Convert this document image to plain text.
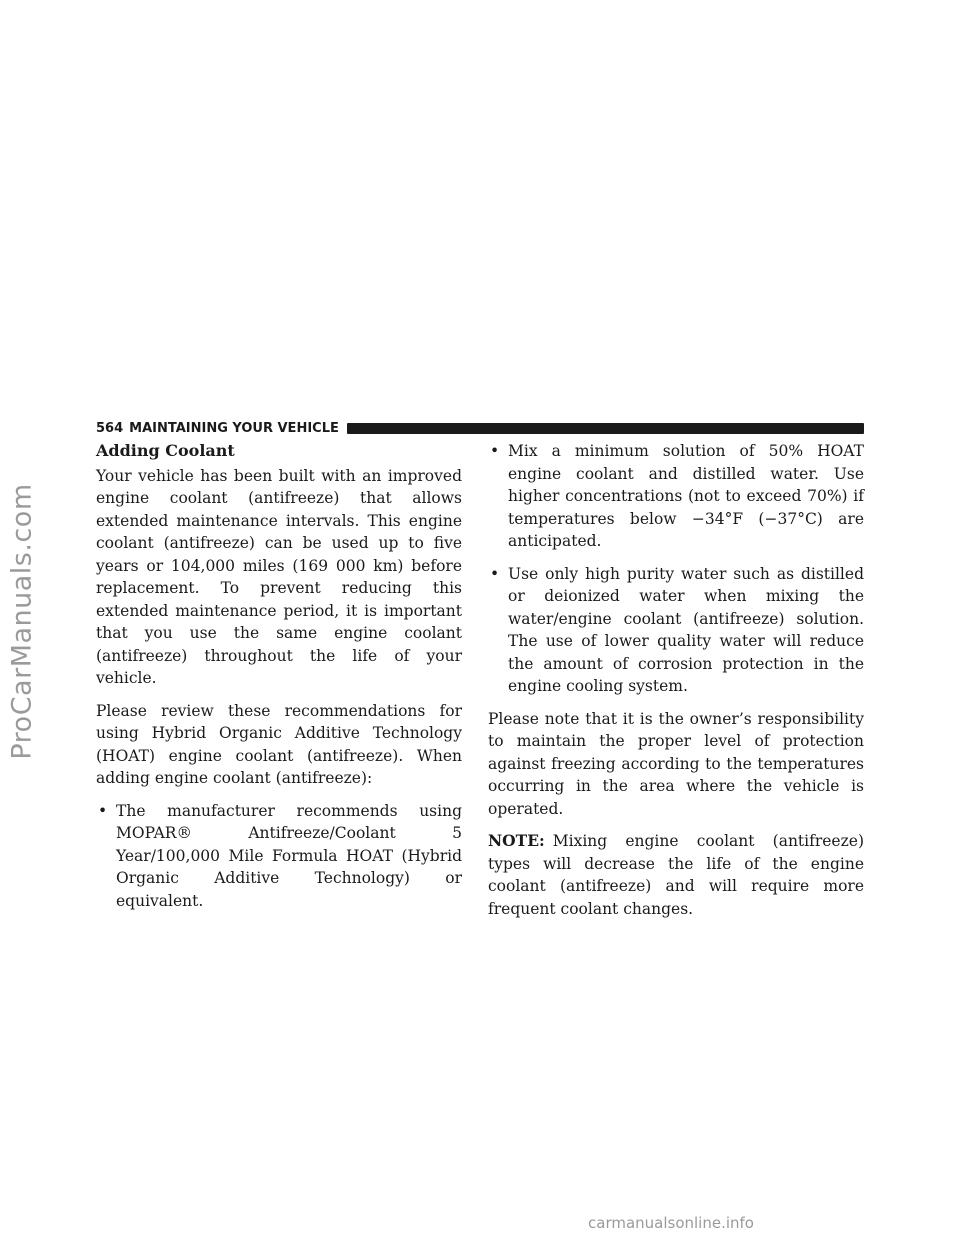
ProCarManuals.com
564 MAINTAINING YOUR VEHICLE
Adding Coolant

Your vehicle has been built with an improved engine coolant (antifreeze) that allows extended maintenance intervals. This engine coolant (antifreeze) can be used up to five years or 104,000 miles (169 000 km) before replacement. To prevent reducing this extended maintenance period, it is important that you use the same engine coolant (antifreeze) throughout the life of your vehicle.

Please review these recommendations for using Hybrid Organic Additive Technology (HOAT) engine coolant (antifreeze). When adding engine coolant (antifreeze):

• The manufacturer recommends using MOPAR® Antifreeze/Coolant 5 Year/100,000 Mile Formula HOAT (Hybrid Organic Additive Technology) or equivalent.
• Mix a minimum solution of 50% HOAT engine coolant and distilled water. Use higher concentrations (not to exceed 70%) if temperatures below −34°F (−37°C) are anticipated.
• Use only high purity water such as distilled or deionized water when mixing the water/engine coolant (antifreeze) solution. The use of lower quality water will reduce the amount of corrosion protection in the engine cooling system.

Please note that it is the owner’s responsibility to maintain the proper level of protection against freezing according to the temperatures occurring in the area where the vehicle is operated.

NOTE: Mixing engine coolant (antifreeze) types will decrease the life of the engine coolant (antifreeze) and will require more frequent coolant changes.

carmanualsonline.info
